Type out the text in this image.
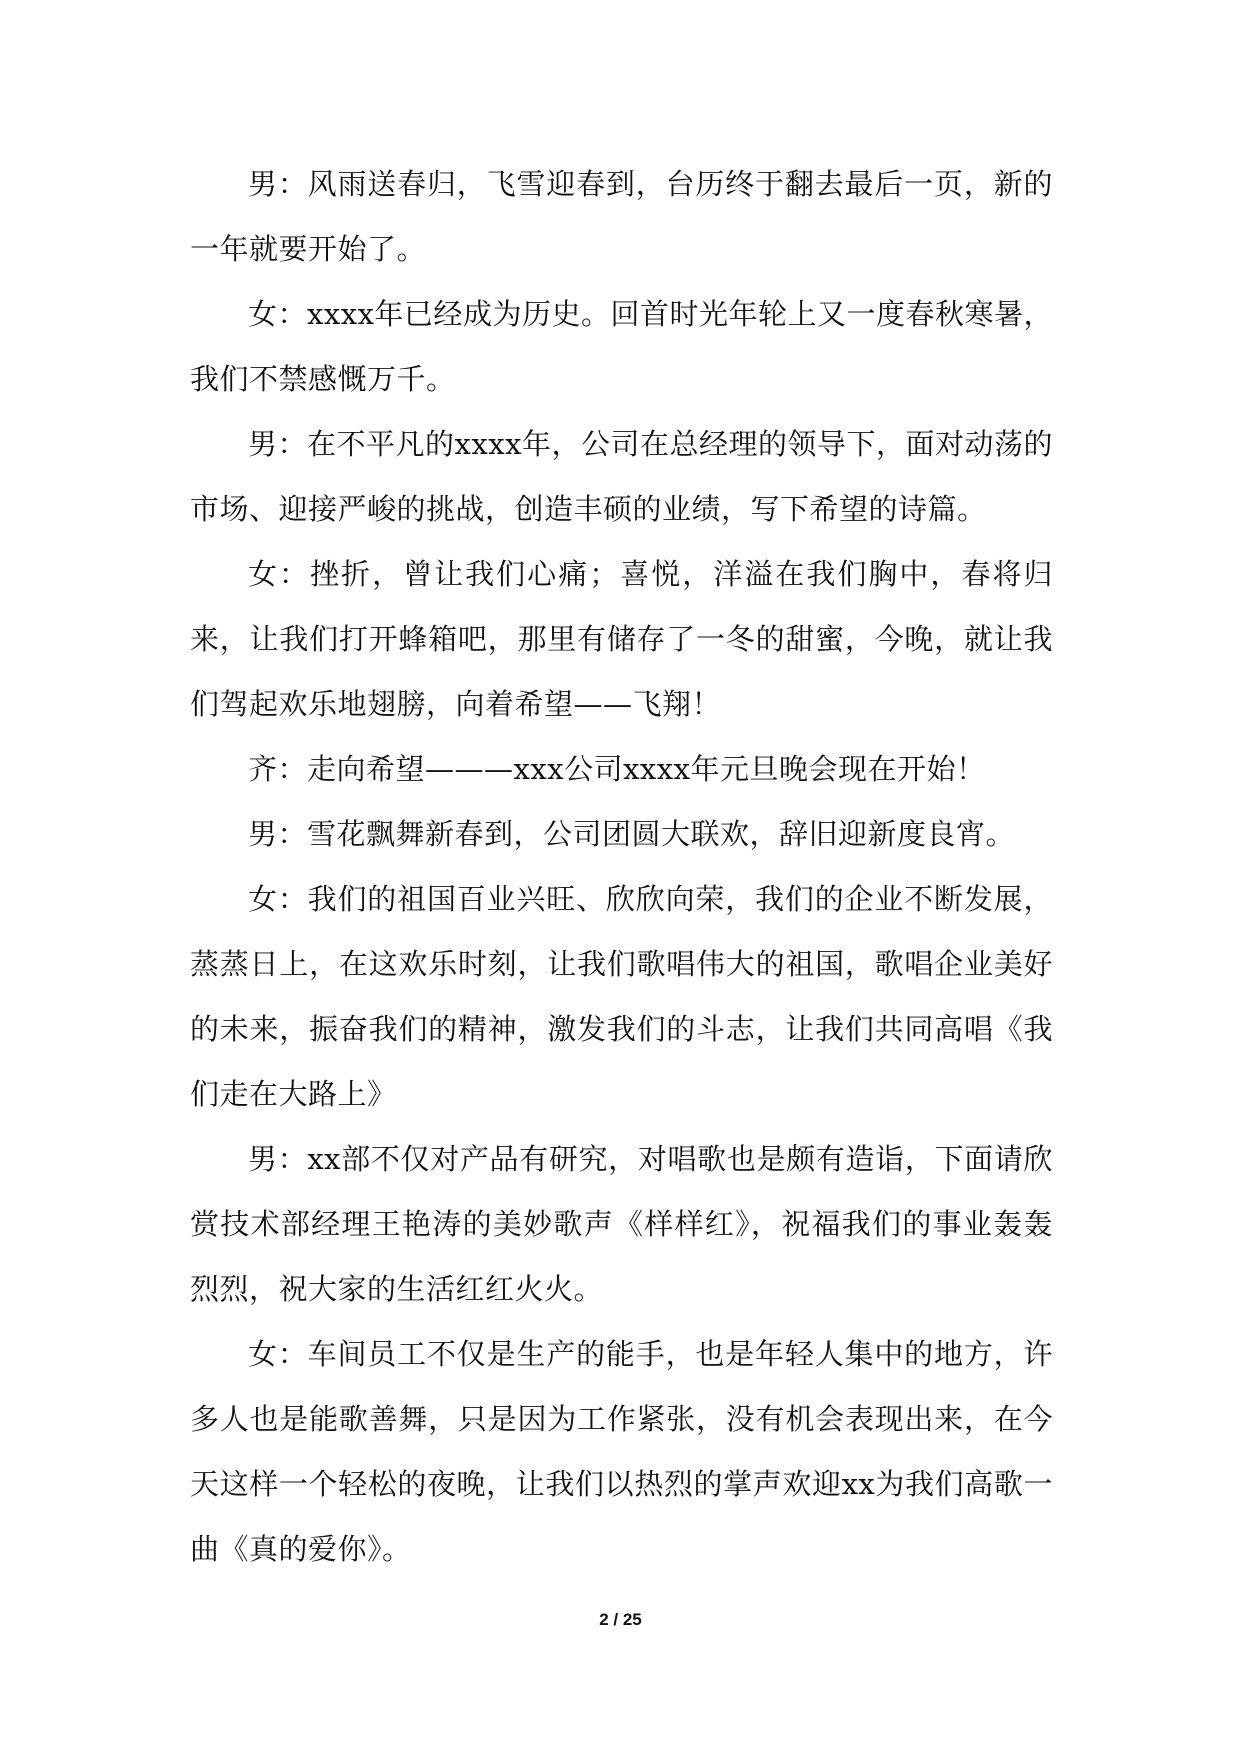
男：风雨送春归，飞雪迎春到，台历终于翻去最后一页，新的一年就要开始了。

女：xxxx年已经成为历史。回首时光年轮上又一度春秋寒暑，我们不禁感慨万千。

男：在不平凡的xxxx年，公司在总经理的领导下，面对动荡的市场、迎接严峻的挑战，创造丰硕的业绩，写下希望的诗篇。

女：挫折，曾让我们心痛；喜悦，洋溢在我们胸中，春将归来，让我们打开蜂箱吧，那里有储存了一冬的甜蜜，今晚，就让我们驾起欢乐地翅膀，向着希望——飞翔！

齐：走向希望———xxx公司xxxx年元旦晚会现在开始！

男：雪花飘舞新春到，公司团圆大联欢，辞旧迎新度良宵。

女：我们的祖国百业兴旺、欣欣向荣，我们的企业不断发展，蒸蒸日上，在这欢乐时刻，让我们歌唱伟大的祖国，歌唱企业美好的未来，振奋我们的精神，激发我们的斗志，让我们共同高唱《我们走在大路上》

男：xx部不仅对产品有研究，对唱歌也是颇有造诣，下面请欣赏技术部经理王艳涛的美妙歌声《样样红》，祝福我们的事业轰轰烈烈，祝大家的生活红红火火。

女：车间员工不仅是生产的能手，也是年轻人集中的地方，许多人也是能歌善舞，只是因为工作紧张，没有机会表现出来，在今天这样一个轻松的夜晚，让我们以热烈的掌声欢迎xx为我们高歌一曲《真的爱你》。

2 / 25
